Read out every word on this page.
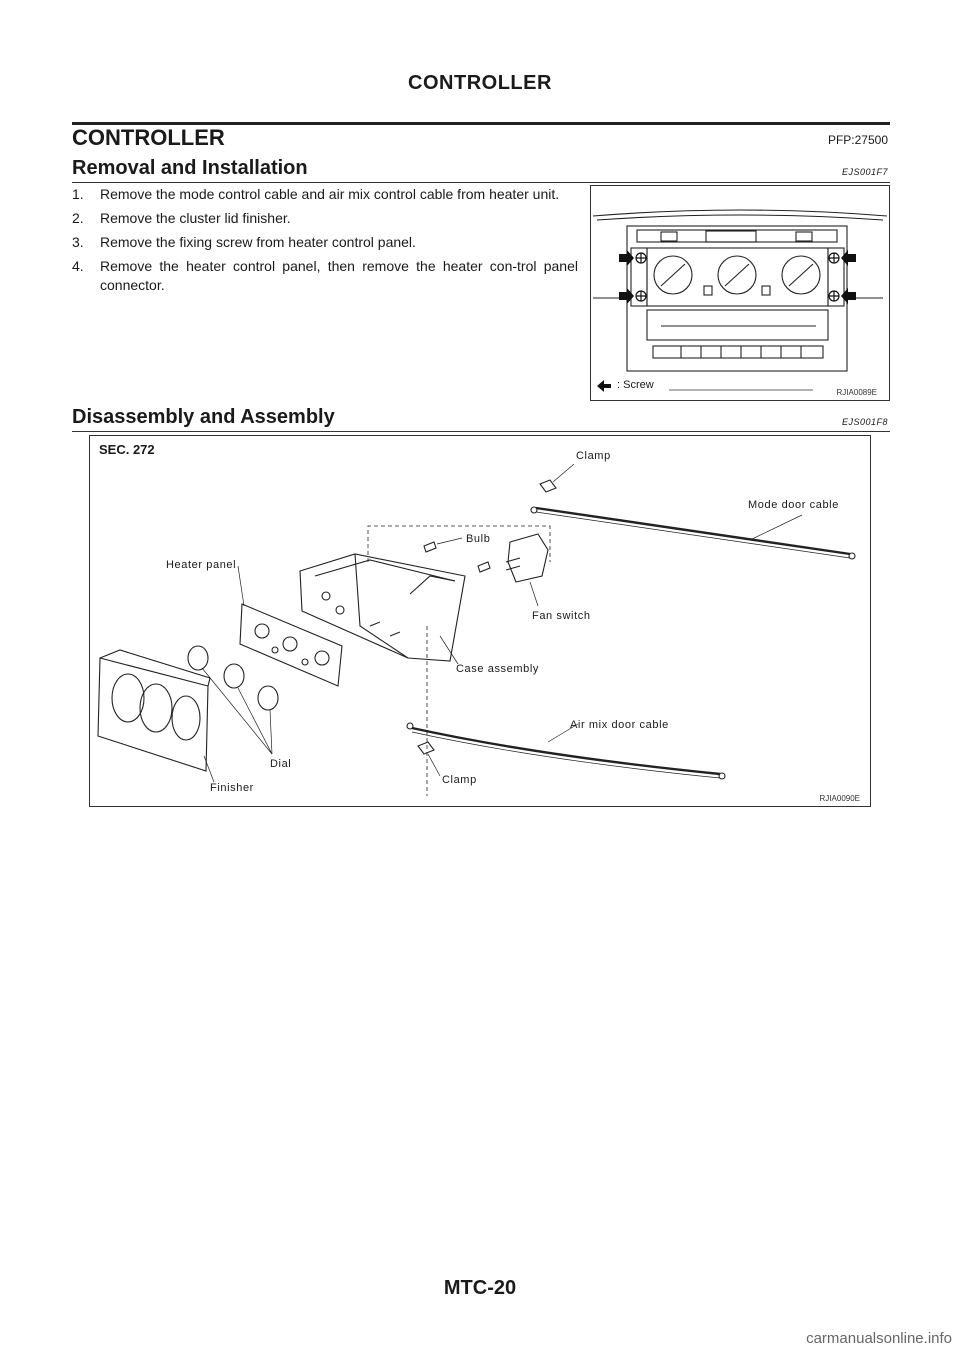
CONTROLLER
CONTROLLER	PFP:27500
Removal and Installation	EJS001F7
1. Remove the mode control cable and air mix control cable from heater unit.
2. Remove the cluster lid finisher.
3. Remove the fixing screw from heater control panel.
4. Remove the heater control panel, then remove the heater con-trol panel connector.
: Screw
RJIA0089E
Disassembly and Assembly	EJS001F8
SEC. 272	Clamp
Mode door cable
Bulb
Heater panel
Fan switch
Case assembly
Air mix door cable
Dial
Finisher
Clamp
RJIA0090E
MTC-20
carmanualsonline.info
